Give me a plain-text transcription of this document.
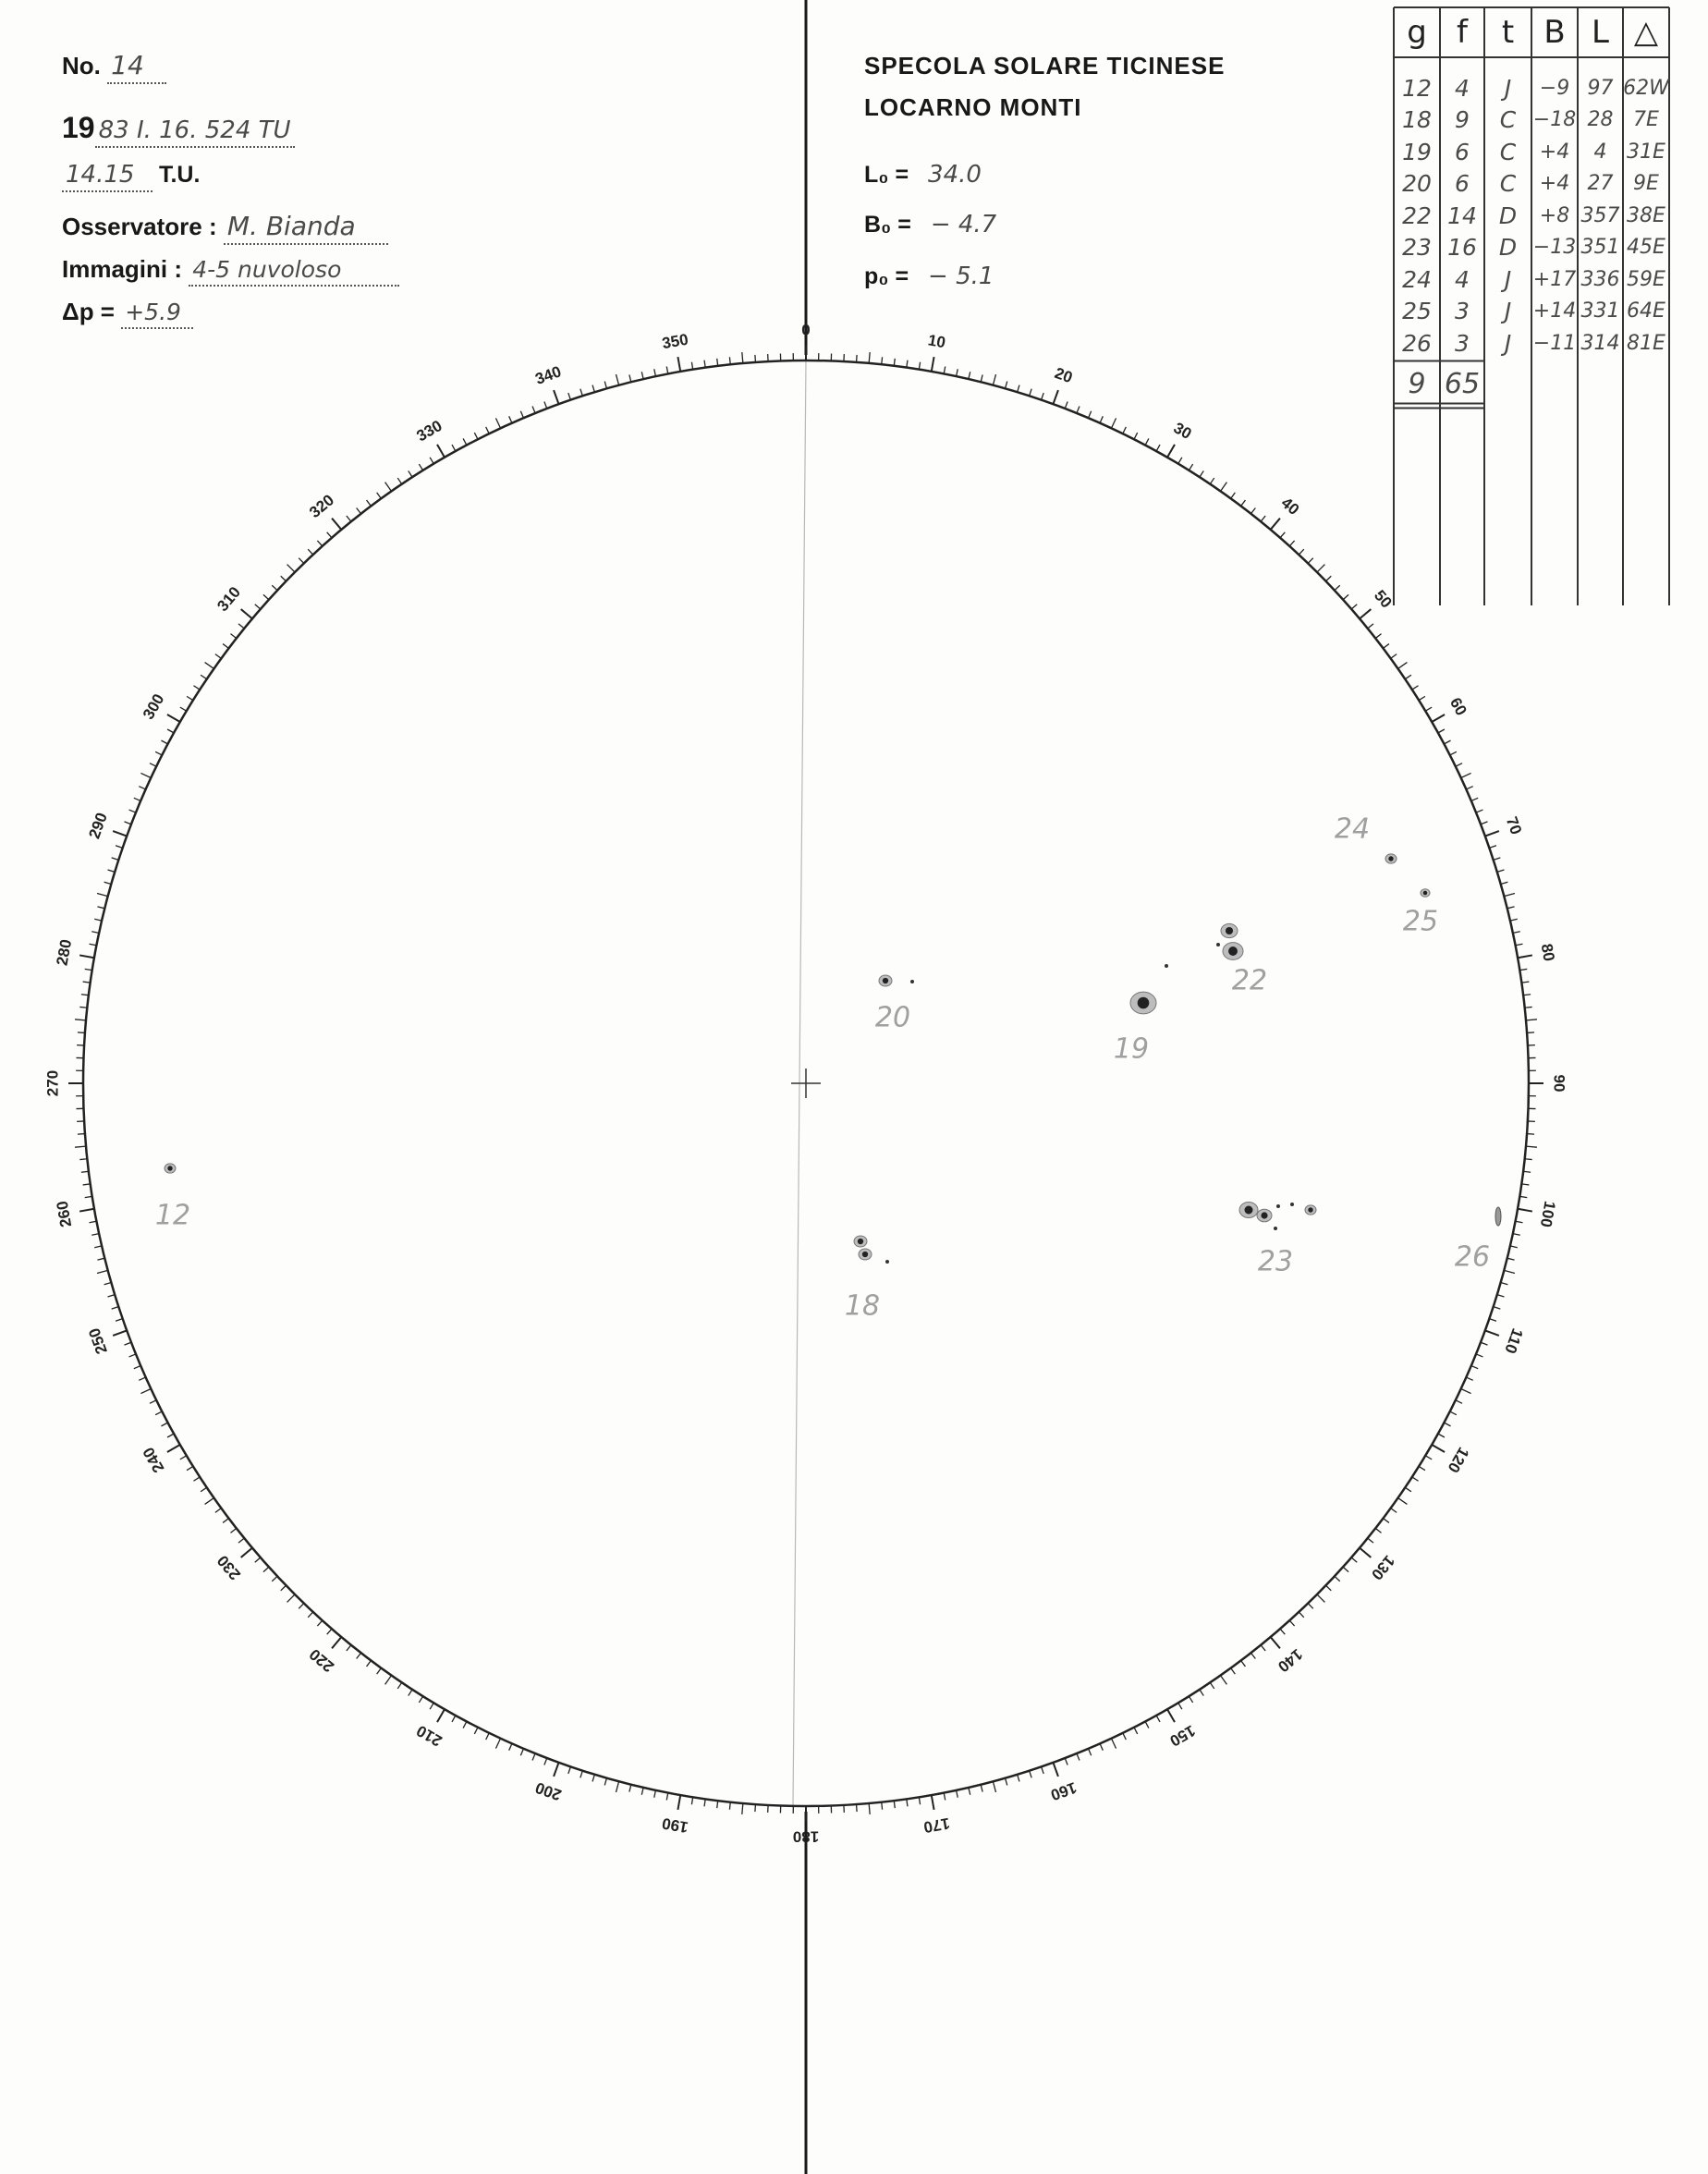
No. 14
19 83 I. 16. 524 TU
14.15 T.U.
Osservatore : M. Bianda
Immagini : 4-5 nuvoloso
Δp = +5.9
SPECOLA SOLARE TICINESE
LOCARNO MONTI
L₀ = 34.0
B₀ = − 4.7
p₀ = − 5.1
g f	t B L △
12	4	J	−9 97 62W
18	9	C −18 28 7E
19	6	C	+4	4 31E
20	6	C	+4 27 9E
22 14 D	+8 357 38E
23 16 D −13 351 45E
24	4	J	+17 336 59E
25	3	J	+14 331 64E
26	3	J	−11 314 81E
9 65
0
10
20
30
40
50
60
70
80
90
100
110
120
130
140
150
160
170
180
190
200
210
220
230
240
250
260
270
280
290
300
310
320
330
340
350
12
18
19
20
22
23
24
25
26
